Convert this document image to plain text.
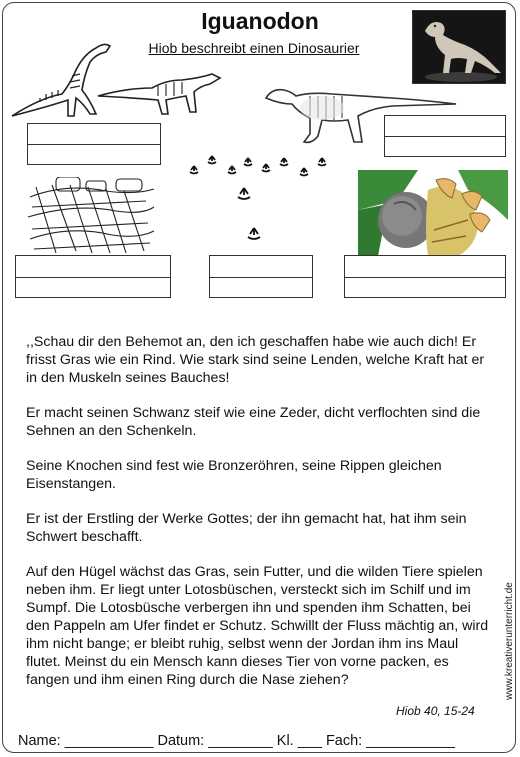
Iguanodon
Hiob beschreibt einen Dinosaurier

,,Schau dir den Behemot an, den ich geschaffen habe wie auch dich! Er frisst Gras wie ein Rind. Wie stark sind seine Lenden, welche Kraft hat er in den Muskeln seines Bauches!

Er macht seinen Schwanz steif wie eine Zeder, dicht verflochten sind die Sehnen an den Schenkeln.

Seine Knochen sind fest wie Bronzeröhren, seine Rippen gleichen Eisenstangen.

Er ist der Erstling der Werke Gottes; der ihn gemacht hat, hat ihm sein Schwert beschafft.

Auf den Hügel wächst das Gras, sein Futter, und die wilden Tiere spielen neben ihm. Er liegt unter Lotosbüschen, versteckt sich im Schilf und im Sumpf. Die Lotosbüsche verbergen ihn und spenden ihm Schatten, bei den Pappeln am Ufer findet er Schutz. Schwillt der Fluss mächtig an, wird ihm nicht bange; er bleibt ruhig, selbst wenn der Jordan ihm ins Maul flutet. Meinst du ein Mensch kann dieses Tier von vorne packen, es fangen und ihm einen Ring durch die Nase ziehen?

Hiob 40, 15-24
www.kreativerunterricht.de
Name: ___________ Datum: ________ Kl. ___ Fach: ___________
